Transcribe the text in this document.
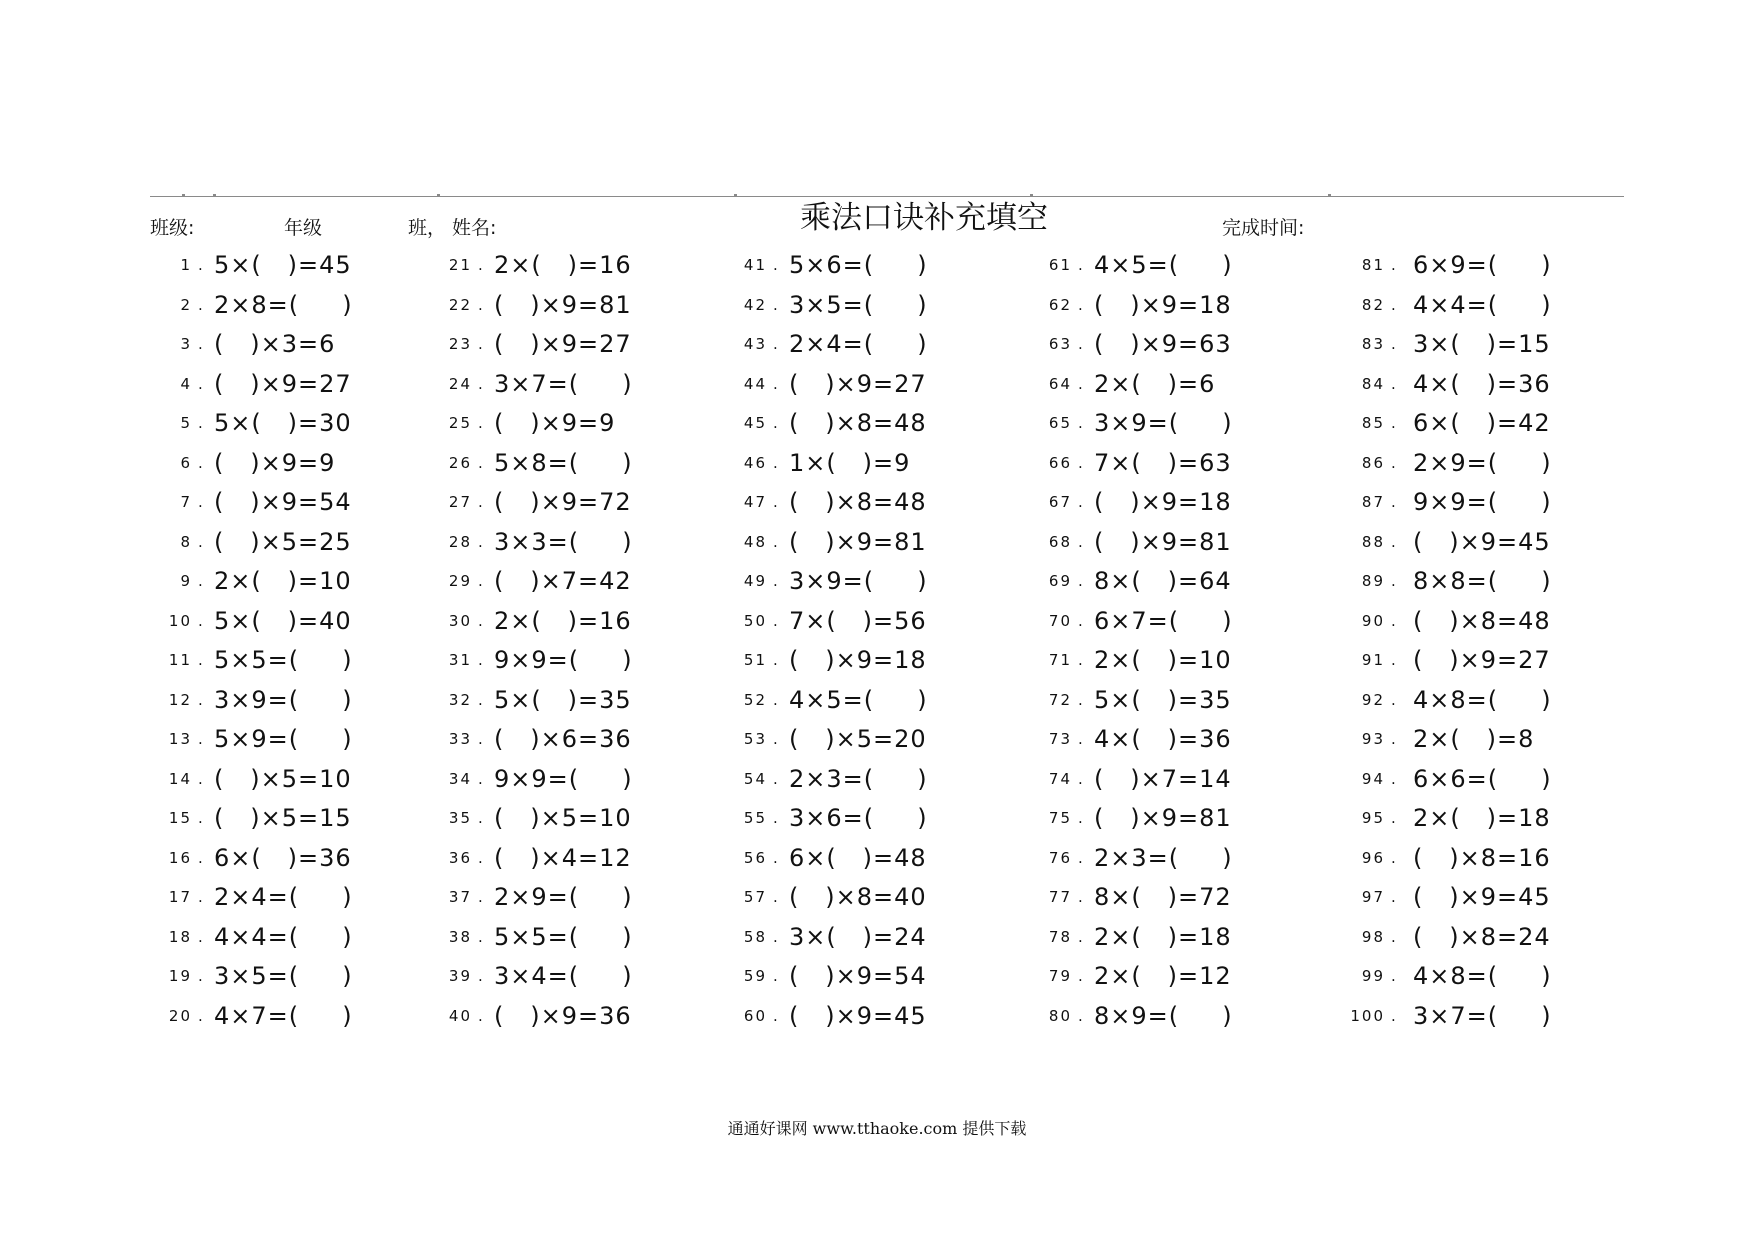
班级:	年级	班， 姓名:	乘法口诀补充填空	完成时间:
1 . 5×(   )=45
2 . 2×8=(     )
3 . (   )×3=6
4 . (   )×9=27
5 . 5×(   )=30
6 . (   )×9=9
7 . (   )×9=54
8 . (   )×5=25
9 . 2×(   )=10
10 . 5×(   )=40
11 . 5×5=(     )
12 . 3×9=(     )
13 . 5×9=(     )
14 . (   )×5=10
15 . (   )×5=15
16 . 6×(   )=36
17 . 2×4=(     )
18 . 4×4=(     )
19 . 3×5=(     )
20 . 4×7=(     )
21 . 2×(   )=16
22 . (   )×9=81
23 . (   )×9=27
24 . 3×7=(     )
25 . (   )×9=9
26 . 5×8=(     )
27 . (   )×9=72
28 . 3×3=(     )
29 . (   )×7=42
30 . 2×(   )=16
31 . 9×9=(     )
32 . 5×(   )=35
33 . (   )×6=36
34 . 9×9=(     )
35 . (   )×5=10
36 . (   )×4=12
37 . 2×9=(     )
38 . 5×5=(     )
39 . 3×4=(     )
40 . (   )×9=36
41 . 5×6=(     )
42 . 3×5=(     )
43 . 2×4=(     )
44 . (   )×9=27
45 . (   )×8=48
46 . 1×(   )=9
47 . (   )×8=48
48 . (   )×9=81
49 . 3×9=(     )
50 . 7×(   )=56
51 . (   )×9=18
52 . 4×5=(     )
53 . (   )×5=20
54 . 2×3=(     )
55 . 3×6=(     )
56 . 6×(   )=48
57 . (   )×8=40
58 . 3×(   )=24
59 . (   )×9=54
60 . (   )×9=45
61 . 4×5=(     )
62 . (   )×9=18
63 . (   )×9=63
64 . 2×(   )=6
65 . 3×9=(     )
66 . 7×(   )=63
67 . (   )×9=18
68 . (   )×9=81
69 . 8×(   )=64
70 . 6×7=(     )
71 . 2×(   )=10
72 . 5×(   )=35
73 . 4×(   )=36
74 . (   )×7=14
75 . (   )×9=81
76 . 2×3=(     )
77 . 8×(   )=72
78 . 2×(   )=18
79 . 2×(   )=12
80 . 8×9=(     )
81 . 6×9=(     )
82 . 4×4=(     )
83 . 3×(   )=15
84 . 4×(   )=36
85 . 6×(   )=42
86 . 2×9=(     )
87 . 9×9=(     )
88 . (   )×9=45
89 . 8×8=(     )
90 . (   )×8=48
91 . (   )×9=27
92 . 4×8=(     )
93 . 2×(   )=8
94 . 6×6=(     )
95 . 2×(   )=18
96 . (   )×8=16
97 . (   )×9=45
98 . (   )×8=24
99 . 4×8=(     )
100 . 3×7=(     )
通通好课网 www.tthaoke.com 提供下载
